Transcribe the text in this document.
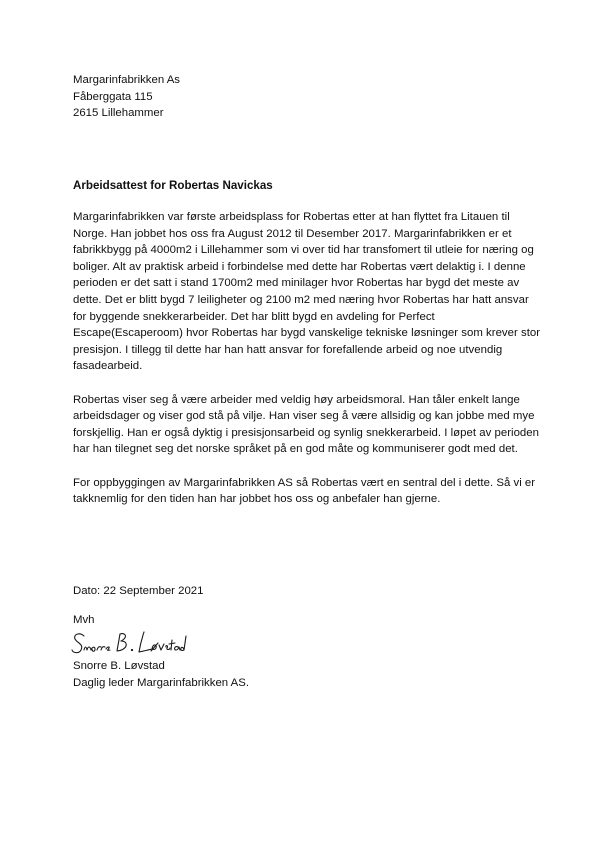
Margarinfabrikken As
Fåberggata 115
2615 Lillehammer
Arbeidsattest for Robertas Navickas

Margarinfabrikken var første arbeidsplass for Robertas etter at han flyttet fra Litauen til Norge. Han jobbet hos oss fra August 2012 til Desember 2017. Margarinfabrikken er et fabrikkbygg på 4000m2 i Lillehammer som vi over tid har transfomert til utleie for næring og boliger. Alt av praktisk arbeid i forbindelse med dette har Robertas vært delaktig i. I denne perioden er det satt i stand 1700m2 med minilager hvor Robertas har bygd det meste av dette. Det er blitt bygd 7 leiligheter og 2100 m2 med næring hvor Robertas har hatt ansvar for byggende snekkerarbeider. Det har blitt bygd en avdeling for Perfect Escape(Escaperoom) hvor Robertas har bygd vanskelige tekniske løsninger som krever stor presisjon. I tillegg til dette har han hatt ansvar for forefallende arbeid og noe utvendig fasadearbeid.

Robertas viser seg å være arbeider med veldig høy arbeidsmoral. Han tåler enkelt lange arbeidsdager og viser god stå på vilje. Han viser seg å være allsidig og kan jobbe med mye forskjellig. Han er også dyktig i presisjonsarbeid og synlig snekkerarbeid. I løpet av perioden har han tilegnet seg det norske språket på en god måte og kommuniserer godt med det.

For oppbyggingen av Margarinfabrikken AS så Robertas vært en sentral del i dette. Så vi er takknemlig for den tiden han har jobbet hos oss og anbefaler han gjerne.

Dato: 22 September 2021
Mvh
Snorre B. Løvstad
Daglig leder Margarinfabrikken AS.
